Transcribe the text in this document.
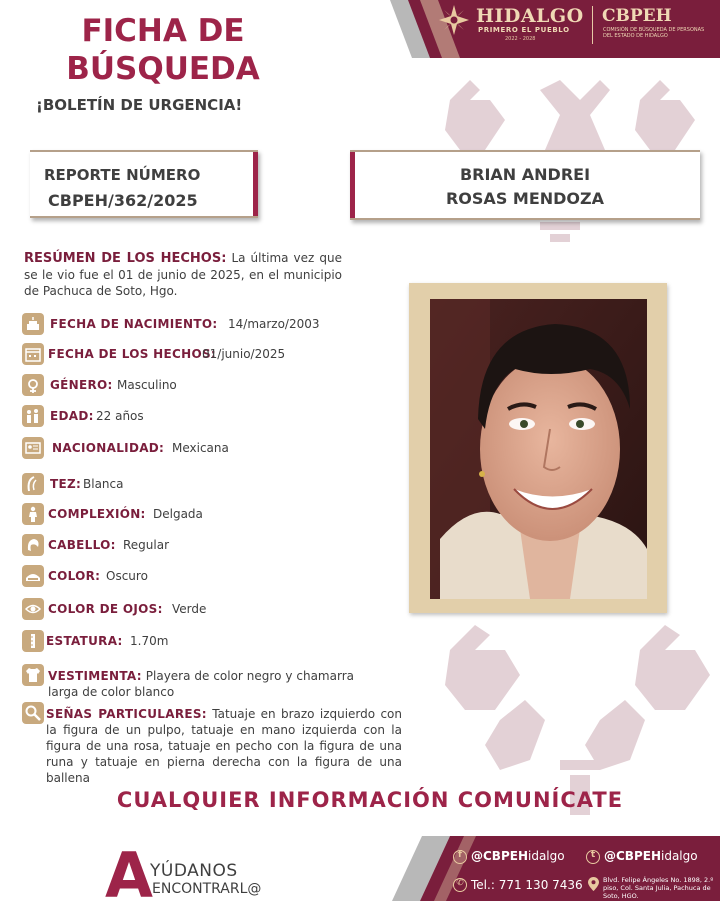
HIDALGO
PRIMERO EL PUEBLO
2022 - 2028
CBPEH
COMISIÓN DE BÚSQUEDA DE PERSONAS DEL ESTADO DE HIDALGO
FICHA DE
BÚSQUEDA
¡BOLETÍN DE URGENCIA!
REPORTE NÚMERO
CBPEH/362/2025
BRIAN ANDREI
ROSAS MENDOZA
RESÚMEN DE LOS HECHOS: La última vez que se le vio fue el 01 de junio de 2025, en el municipio de Pachuca de Soto, Hgo.
FECHA DE NACIMIENTO: 14/marzo/2003
FECHA DE LOS HECHOS:
01/junio/2025
GÉNERO: Masculino
EDAD: 22 años
NACIONALIDAD: Mexicana
TEZ: Blanca
COMPLEXIÓN: Delgada
CABELLO: Regular
COLOR: Oscuro
COLOR DE OJOS: Verde
ESTATURA: 1.70m
VESTIMENTA: Playera de color negro y chamarra larga de color blanco
SEÑAS PARTICULARES: Tatuaje en brazo izquierdo con la figura de un pulpo, tatuaje en mano izquierda con la figura de una rosa, tatuaje en pecho con la figura de una runa y tatuaje en pierna derecha con la figura de una ballena
CUALQUIER INFORMACIÓN COMUNÍCATE
A
YÚDANOS
ENCONTRARL@
f @CBPEHidalgo	t @CBPEHidalgo
✆ Tel.: 771 130 7436	Blvd. Felipe Ángeles No. 1898, 2.º piso, Col. Santa Julia, Pachuca de Soto, HGO.
